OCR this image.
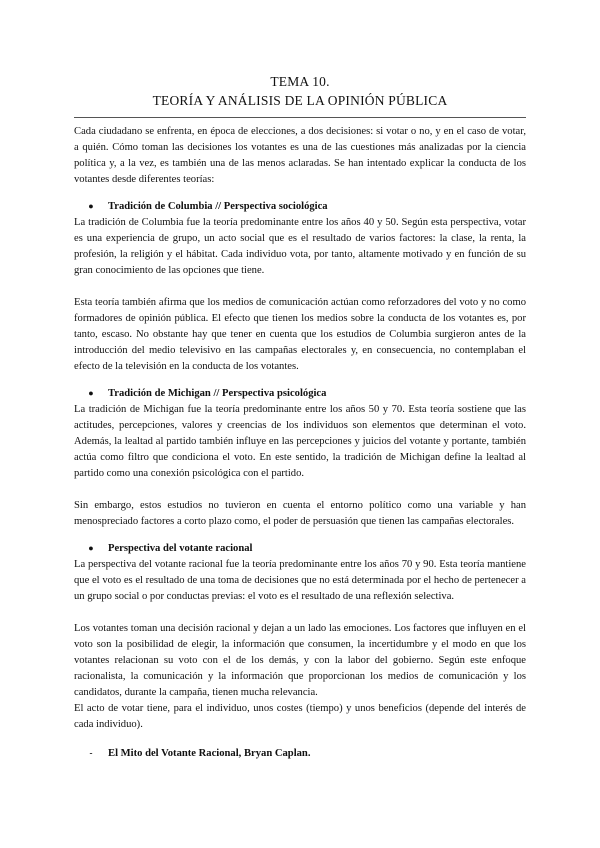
TEMA 10.
TEORÍA Y ANÁLISIS DE LA OPINIÓN PÚBLICA

Cada ciudadano se enfrenta, en época de elecciones, a dos decisiones: si votar o no, y en el caso de votar, a quién. Cómo toman las decisiones los votantes es una de las cuestiones más analizadas por la ciencia política y, a la vez, es también una de las menos aclaradas. Se han intentado explicar la conducta de los votantes desde diferentes teorías:

● Tradición de Columbia // Perspectiva sociológica

La tradición de Columbia fue la teoría predominante entre los años 40 y 50. Según esta perspectiva, votar es una experiencia de grupo, un acto social que es el resultado de varios factores: la clase, la renta, la profesión, la religión y el hábitat. Cada individuo vota, por tanto, altamente motivado y en función de su gran conocimiento de las opciones que tiene.

Esta teoría también afirma que los medios de comunicación actúan como reforzadores del voto y no como formadores de opinión pública. El efecto que tienen los medios sobre la conducta de los votantes es, por tanto, escaso. No obstante hay que tener en cuenta que los estudios de Columbia surgieron antes de la introducción del medio televisivo en las campañas electorales y, en consecuencia, no contemplaban el efecto de la televisión en la conducta de los votantes.

● Tradición de Michigan // Perspectiva psicológica

La tradición de Michigan fue la teoría predominante entre los años 50 y 70. Esta teoría sostiene que las actitudes, percepciones, valores y creencias de los individuos son elementos que determinan el voto. Además, la lealtad al partido también influye en las percepciones y juicios del votante y portante, también actúa como filtro que condiciona el voto. En este sentido, la tradición de Michigan define la lealtad al partido como una conexión psicológica con el partido.

Sin embargo, estos estudios no tuvieron en cuenta el entorno político como una variable y han menospreciado factores a corto plazo como, el poder de persuasión que tienen las campañas electorales.

● Perspectiva del votante racional

La perspectiva del votante racional fue la teoría predominante entre los años 70 y 90. Esta teoría mantiene que el voto es el resultado de una toma de decisiones que no está determinada por el hecho de pertenecer a un grupo social o por conductas previas: el voto es el resultado de una reflexión selectiva.

Los votantes toman una decisión racional y dejan a un lado las emociones. Los factores que influyen en el voto son la posibilidad de elegir, la información que consumen, la incertidumbre y el modo en que los votantes relacionan su voto con el de los demás, y con la labor del gobierno. Según este enfoque racionalista, la comunicación y la información que proporcionan los medios de comunicación y los candidatos, durante la campaña, tienen mucha relevancia.
El acto de votar tiene, para el individuo, unos costes (tiempo) y unos beneficios (depende del interés de cada individuo).

- El Mito del Votante Racional, Bryan Caplan.
